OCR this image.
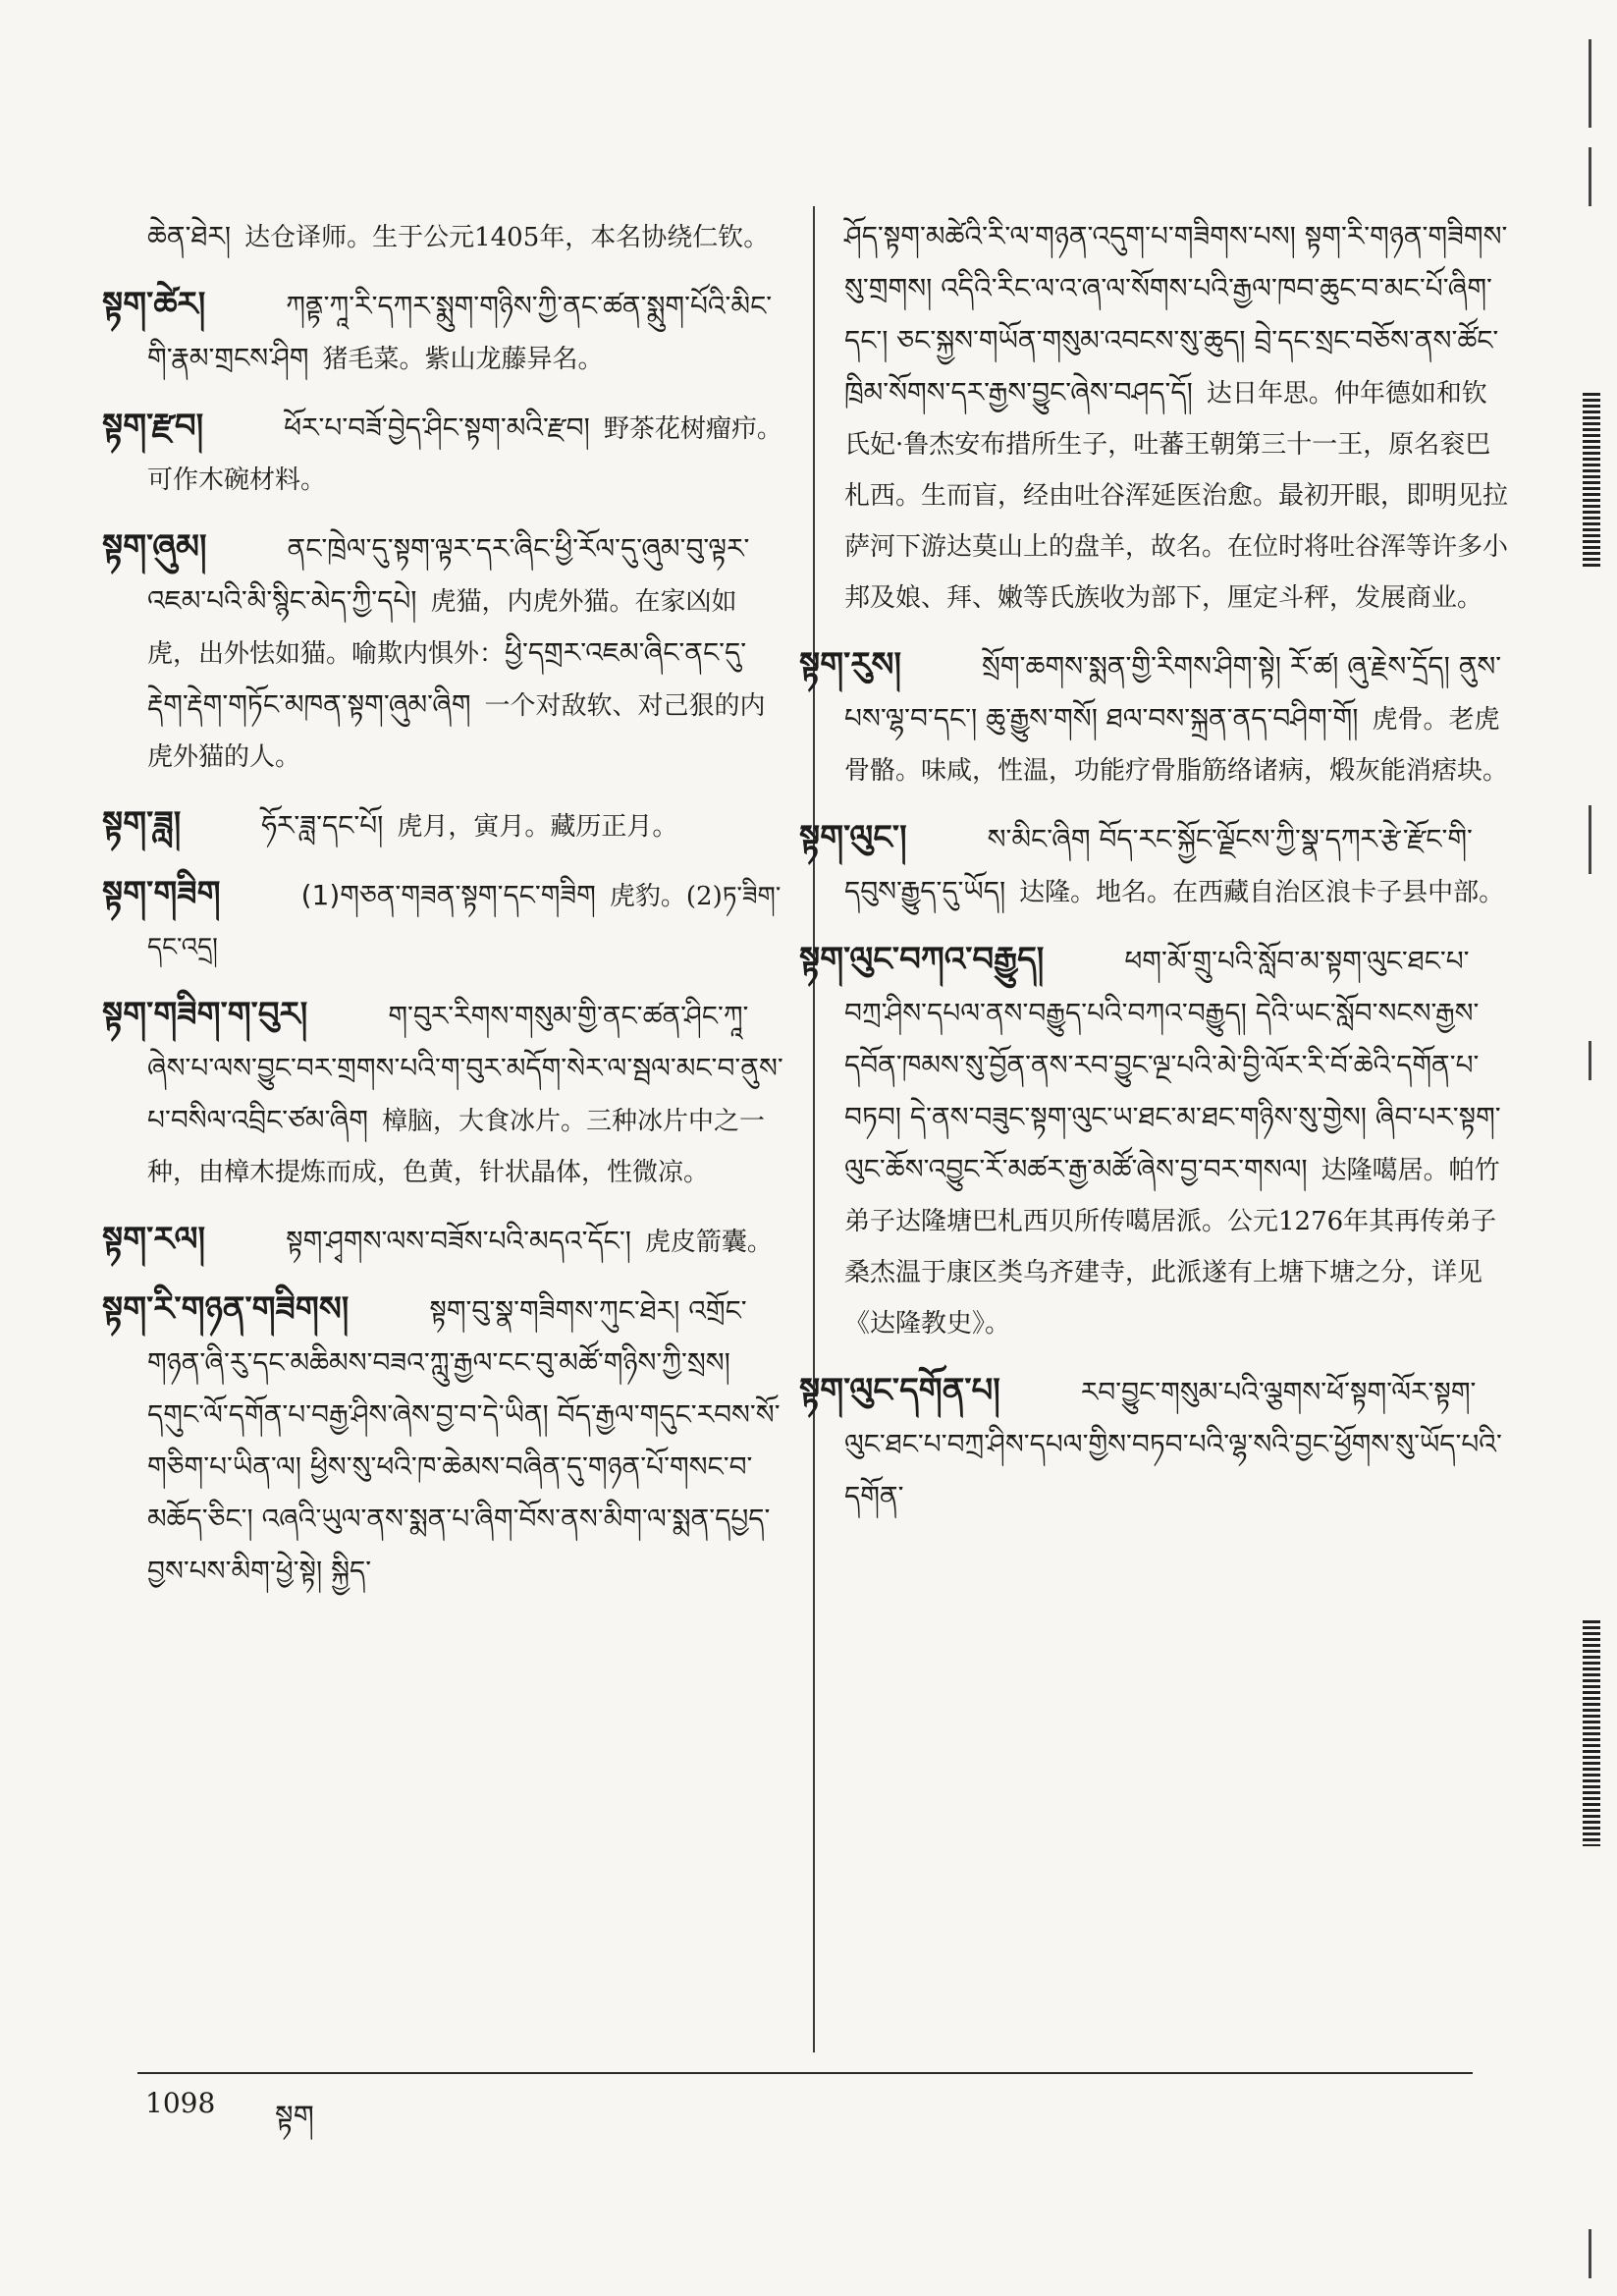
ཆེན་ཐེར། 达仓译师。生于公元1405年，本名协绕仁钦。
སྟག་ཚེར།	ཀནྟ་ཀཱ་རི་དཀར་སྨུག་གཉིས་ཀྱི་ནང་ཚན་སྨུག་པོའི་མིང་གི་རྣམ་གྲངས་ཤིག 猪毛菜。紫山龙藤异名。
སྟག་རྫབ།	ཕོར་པ་བཟོ་བྱེད་ཤིང་སྟག་མའི་རྫབ། 野茶花树瘤疖。可作木碗材料。
སྟག་ཞུམ།	ནང་ཁྲེལ་དུ་སྟག་ལྟར་དར་ཞིང་ཕྱི་རོལ་དུ་ཞུམ་བུ་ལྟར་འཇམ་པའི་མི་སྙིང་མེད་ཀྱི་དཔེ། 虎猫，内虎外猫。在家凶如虎，出外怯如猫。喻欺内惧外：ཕྱི་དགྲར་འཇམ་ཞིང་ནང་དུ་རྡེག་རྡེག་གཏོང་མཁན་སྟག་ཞུམ་ཞིག 一个对敌软、对己狠的内虎外猫的人。
སྟག་ཟླ།	ཧོར་ཟླ་དང་པོ། 虎月，寅月。藏历正月。
སྟག་གཟིག	(1)གཅན་གཟན་སྟག་དང་གཟིག 虎豹。(2)ཏ་ཟིག་དང་འདྲ།
སྟག་གཟིག་ག་བུར།	ག་བུར་རིགས་གསུམ་གྱི་ནང་ཚན་ཤིང་ཀཱ་ཞེས་པ་ལས་བྱུང་བར་གྲགས་པའི་ག་བུར་མདོག་སེར་ལ་སྦལ་མང་བ་ནུས་པ་བསིལ་འབྲིང་ཙམ་ཞིག 樟脑，大食冰片。三种冰片中之一种，由樟木提炼而成，色黄，针状晶体，性微凉。
སྟག་རལ།	སྟག་ཤྭགས་ལས་བཟོས་པའི་མདའ་དོང་། 虎皮箭囊。
སྟག་རི་གཉན་གཟིགས།	སྟག་བུ་སྣ་གཟིགས་ཀུང་ཐེར། འགྲོང་གཉན་ཞི་རུ་དང་མཆིམས་བཟའ་ཀླུ་རྒྱལ་ངང་བུ་མཚོ་གཉིས་ཀྱི་སྲས། དགུང་ལོ་དགོན་པ་བརྒྱ་ཤིས་ཞེས་བྱ་བ་དེ་ཡིན། བོད་རྒྱལ་གདུང་རབས་སོ་གཅིག་པ་ཡིན་ལ། ཕྱིས་སུ་ཕའི་ཁ་ཆེམས་བཞིན་དུ་གཉན་པོ་གསང་བ་མཆོད་ཅིང་། འཞའི་ཡུལ་ནས་སྨན་པ་ཞིག་བོས་ནས་མིག་ལ་སྨན་དཔྱད་བྱས་པས་མིག་ཕྱེ་སྟེ། སྐྱིད་
ཤོད་སྟག་མཚེའི་རི་ལ་གཉན་འདུག་པ་གཟིགས་པས། སྟག་རི་གཉན་གཟིགས་སུ་གྲགས། འདིའི་རིང་ལ་འ་ཞ་ལ་སོགས་པའི་རྒྱལ་ཁབ་ཆུང་བ་མང་པོ་ཞིག་དང་། ཅང་སྐྱས་གཡོན་གསུམ་འབངས་སུ་ཆུད། བྲེ་དང་སྲང་བཅོས་ནས་ཚོང་ཁྲིམ་སོགས་དར་རྒྱས་བྱུང་ཞེས་བཤད་དོ། 达日年思。仲年德如和钦氏妃·鲁杰安布措所生子，吐蕃王朝第三十一王，原名衮巴札西。生而盲，经由吐谷浑延医治愈。最初开眼，即明见拉萨河下游达莫山上的盘羊，故名。在位时将吐谷浑等许多小邦及娘、拜、嫩等氏族收为部下，厘定斗秤，发展商业。
སྟག་རུས།	སྲོག་ཆགས་སྨན་གྱི་རིགས་ཤིག་སྟེ། རོ་ཚ། ཞུ་རྗེས་དྲོད། ནུས་པས་ལྷ་བ་དང་། ཆུ་རྒྱུས་གསོ། ཐལ་བས་སྐྲན་ནད་བཤིག་གོ། 虎骨。老虎骨骼。味咸，性温，功能疗骨脂筋络诸病，煅灰能消痞块。
སྟག་ལུང་།	ས་མིང་ཞིག བོད་རང་སྐྱོང་ལྗོངས་ཀྱི་སྣ་དཀར་རྩེ་རྫོང་གི་དབུས་རྒྱུད་དུ་ཡོད། 达隆。地名。在西藏自治区浪卡子县中部。
སྟག་ལུང་བཀའ་བརྒྱུད།	ཕག་མོ་གྲུ་པའི་སློབ་མ་སྟག་ལུང་ཐང་པ་བཀྲ་ཤིས་དཔལ་ནས་བརྒྱུད་པའི་བཀའ་བརྒྱུད། དེའི་ཡང་སློབ་སངས་རྒྱས་དབོན་ཁམས་སུ་བྱོན་ནས་རབ་བྱུང་ལྔ་པའི་མེ་བྱི་ལོར་རི་བོ་ཆེའི་དགོན་པ་བཏབ། དེ་ནས་བཟུང་སྟག་ལུང་ཡ་ཐང་མ་ཐང་གཉིས་སུ་གྱེས། ཞིབ་པར་སྟག་ལུང་ཆོས་འབྱུང་རོ་མཚར་རྒྱ་མཚོ་ཞེས་བྱ་བར་གསལ། 达隆噶居。帕竹弟子达隆塘巴札西贝所传噶居派。公元1276年其再传弟子桑杰温于康区类乌齐建寺，此派遂有上塘下塘之分，详见《达隆教史》。
སྟག་ལུང་དགོན་པ།	རབ་བྱུང་གསུམ་པའི་ལྕགས་ཕོ་སྟག་ལོར་སྟག་ལུང་ཐང་པ་བཀྲ་ཤིས་དཔལ་གྱིས་བཏབ་པའི་ལྷ་སའི་བྱང་ཕྱོགས་སུ་ཡོད་པའི་དགོན་
1098 སྟག
